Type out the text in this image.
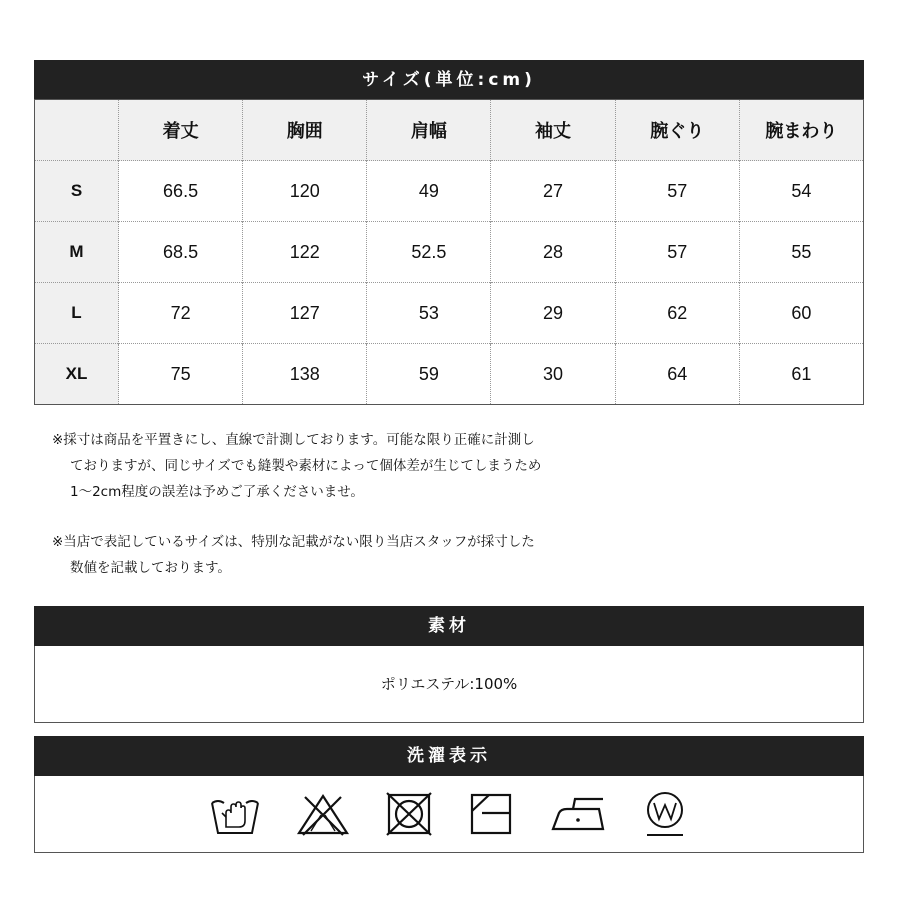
サイズ(単位:cm)
	着丈	胸囲	肩幅	袖丈	腕ぐり	腕まわり
S	66.5	120	49	27	57	54
M	68.5	122	52.5	28	57	55
L	72	127	53	29	62	60
XL	75	138	59	30	64	61
※採寸は商品を平置きにし、直線で計測しております。可能な限り正確に計測し
ておりますが、同じサイズでも縫製や素材によって個体差が生じてしまうため
1〜2cm程度の誤差は予めご了承くださいませ。
※当店で表記しているサイズは、特別な記載がない限り当店スタッフが採寸した
数値を記載しております。
素材
ポリエステル:100%
洗濯表示
